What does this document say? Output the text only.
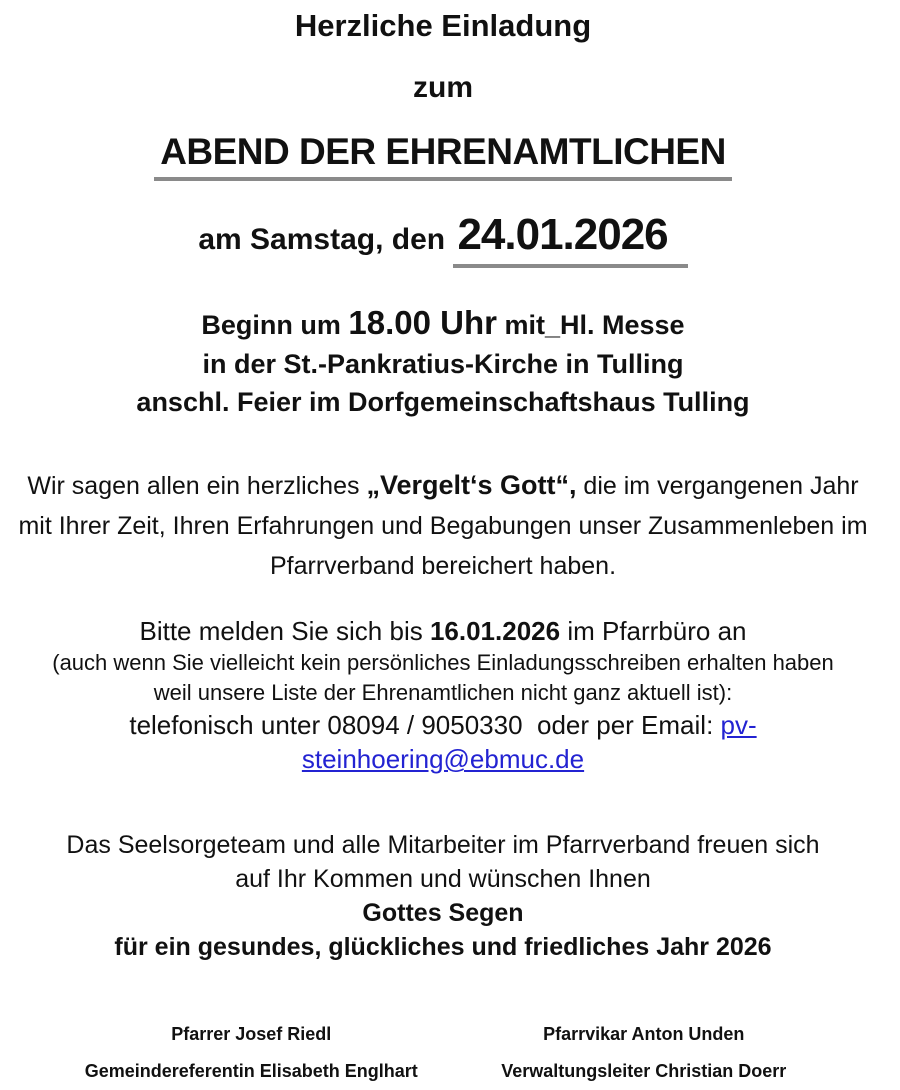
Herzliche Einladung
zum
ABEND DER EHRENAMTLICHEN
am Samstag, den 24.01.2026
Beginn um 18.00 Uhr mit_Hl. Messe
in der St.-Pankratius-Kirche in Tulling
anschl. Feier im Dorfgemeinschaftshaus Tulling
Wir sagen allen ein herzliches „Vergelt‘s Gott“, die im vergangenen Jahr mit Ihrer Zeit, Ihren Erfahrungen und Begabungen unser Zusammenleben im Pfarrverband bereichert haben.
Bitte melden Sie sich bis 16.01.2026 im Pfarrbüro an
(auch wenn Sie vielleicht kein persönliches Einladungsschreiben erhalten haben
weil unsere Liste der Ehrenamtlichen nicht ganz aktuell ist):
telefonisch unter 08094 / 9050330  oder per Email: pv-
steinhoering@ebmuc.de
Das Seelsorgeteam und alle Mitarbeiter im Pfarrverband freuen sich
auf Ihr Kommen und wünschen Ihnen
Gottes Segen
für ein gesundes, glückliches und friedliches Jahr 2026
Pfarrer Josef Riedl
Gemeindereferentin Elisabeth Englhart
Pfarrvikar Anton Unden
Verwaltungsleiter Christian Doerr
